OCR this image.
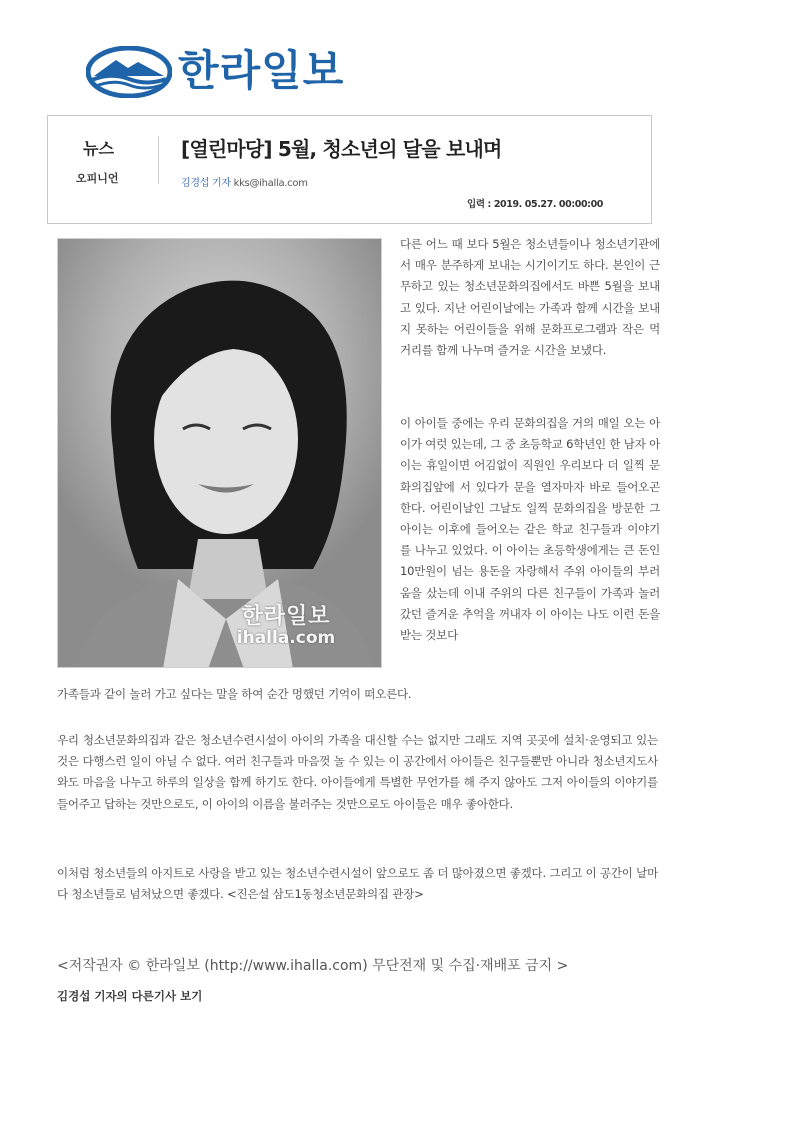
한라일보
뉴스
오피니언
[열린마당] 5월, 청소년의 달을 보내며
김경섭 기자 kks@ihalla.com
입력 : 2019. 05.27. 00:00:00
한라일보
ihalla.com

다른 어느 때 보다 5월은 청소년들이나 청소년기관에서 매우 분주하게 보내는 시기이기도 하다. 본인이 근무하고 있는 청소년문화의집에서도 바쁜 5월을 보내고 있다. 지난 어린이날에는 가족과 함께 시간을 보내지 못하는 어린이들을 위해 문화프로그램과 작은 먹거리를 함께 나누며 즐거운 시간을 보냈다.

이 아이들 중에는 우리 문화의집을 거의 매일 오는 아이가 여럿 있는데, 그 중 초등학교 6학년인 한 남자 아이는 휴일이면 어김없이 직원인 우리보다 더 일찍 문화의집앞에 서 있다가 문을 열자마자 바로 들어오곤 한다. 어린이날인 그날도 일찍 문화의집을 방문한 그 아이는 이후에 들어오는 같은 학교 친구들과 이야기를 나누고 있었다. 이 아이는 초등학생에게는 큰 돈인 10만원이 넘는 용돈을 자랑해서 주위 아이들의 부러움을 샀는데 이내 주위의 다른 친구들이 가족과 놀러갔던 즐거운 추억을 꺼내자 이 아이는 나도 이런 돈을 받는 것보다

가족들과 같이 놀러 가고 싶다는 말을 하여 순간 멍했던 기억이 떠오른다.

우리 청소년문화의집과 같은 청소년수련시설이 아이의 가족을 대신할 수는 없지만 그래도 지역 곳곳에 설치·운영되고 있는 것은 다행스런 일이 아닐 수 없다. 여러 친구들과 마음껏 놀 수 있는 이 공간에서 아이들은 친구들뿐만 아니라 청소년지도사와도 마음을 나누고 하루의 일상을 함께 하기도 한다. 아이들에게 특별한 무언가를 해 주지 않아도 그저 아이들의 이야기를 들어주고 답하는 것만으로도, 이 아이의 이름을 불러주는 것만으로도 아이들은 매우 좋아한다.

이처럼 청소년들의 아지트로 사랑을 받고 있는 청소년수련시설이 앞으로도 좀 더 많아졌으면 좋겠다. 그리고 이 공간이 날마다 청소년들로 넘쳐났으면 좋겠다. <진은설 삼도1동청소년문화의집 관장>

<저작권자 © 한라일보 (http://www.ihalla.com) 무단전재 및 수집·재배포 금지 >
김경섭 기자의 다른기사 보기
